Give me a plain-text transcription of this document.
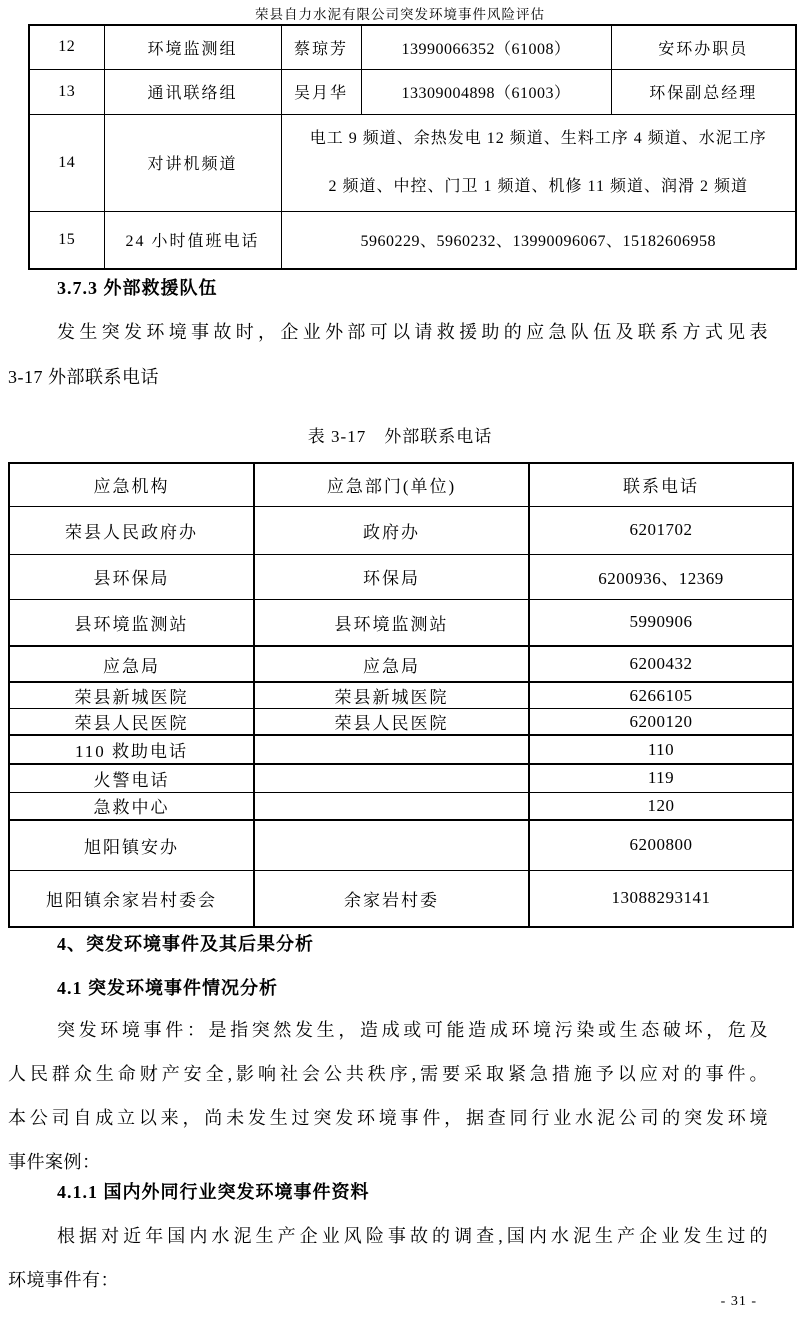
荣县自力水泥有限公司突发环境事件风险评估
12	环境监测组	蔡琼芳	13990066352（61008）	安环办职员
13	通讯联络组	吴月华	13309004898（61003）	环保副总经理
14	对讲机频道	电工 9 频道、余热发电 12 频道、生料工序 4 频道、水泥工序
2 频道、中控、门卫 1 频道、机修 11 频道、润滑 2 频道		

15	24 小时值班电话	5960229、5960232、13990096067、15182606958		
3.7.3 外部救援队伍
发生突发环境事故时，企业外部可以请救援助的应急队伍及联系方式见表
3-17 外部联系电话
表 3-17　外部联系电话
应急机构	应急部门(单位)	联系电话
荣县人民政府办	政府办	6201702
县环保局	环保局	6200936、12369
县环境监测站	县环境监测站	5990906
应急局	应急局	6200432
荣县新城医院	荣县新城医院	6266105
荣县人民医院	荣县人民医院	6200120
110 救助电话		110
火警电话		119
急救中心		120
旭阳镇安办		6200800
旭阳镇余家岩村委会	余家岩村委	13088293141
4、突发环境事件及其后果分析
4.1 突发环境事件情况分析
突发环境事件：是指突然发生，造成或可能造成环境污染或生态破坏，危及
人民群众生命财产安全,影响社会公共秩序,需要采取紧急措施予以应对的事件。
本公司自成立以来，尚未发生过突发环境事件，据查同行业水泥公司的突发环境
事件案例：
4.1.1 国内外同行业突发环境事件资料
根据对近年国内水泥生产企业风险事故的调查,国内水泥生产企业发生过的
环境事件有：
- 31 -
